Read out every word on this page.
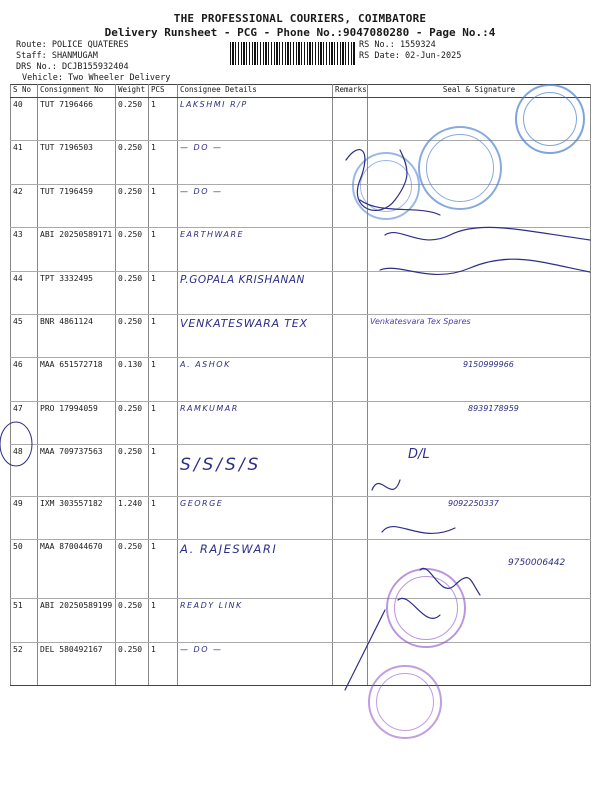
THE PROFESSIONAL COURIERS, COIMBATORE
Delivery Runsheet - PCG - Phone No.:9047080280 - Page No.:4
Route: POLICE QUATERES
Staff: SHANMUGAM
DRS No.: DCJB155932404
Vehicle: Two Wheeler Delivery
RS No.: 1559324
RS Date: 02-Jun-2025
S No	Consignment No	Weight	PCS	Consignee Details	Remarks	Seal & Signature
40	TUT 7196466	0.250	1	LAKSHMI R/P		
41	TUT 7196503	0.250	1	— DO —		
42	TUT 7196459	0.250	1	— DO —		
43	ABI 20250589171	0.250	1	EARTHWARE		
44	TPT 3332495	0.250	1	P.GOPALA KRISHANAN		
45	BNR 4861124	0.250	1	VENKATESWARA TEX		Venkatesvara Tex Spares
46	MAA 651572718	0.130	1	A. ASHOK		9150999966
47	PRO 17994059	0.250	1	RAMKUMAR		8939178959
48	MAA 709737563	0.250	1	S/S/S/S		D/L
49	IXM 303557182	1.240	1	GEORGE		9092250337
50	MAA 870044670	0.250	1	A. RAJESWARI		9750006442
51	ABI 20250589199	0.250	1	READY LINK		
52	DEL 580492167	0.250	1	— DO —		
